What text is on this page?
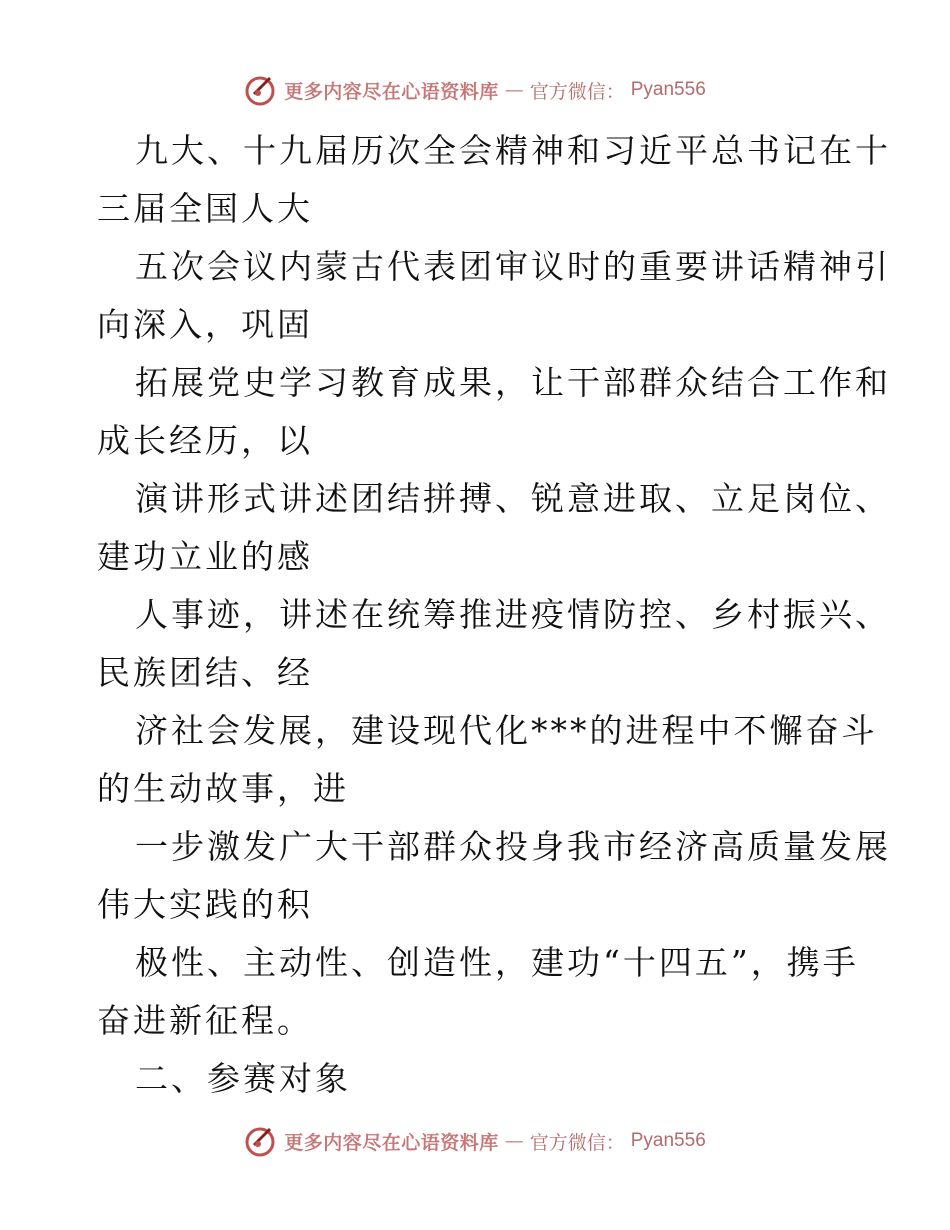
更多内容尽在心语资料库 — 官方微信： Pyan556
九大、十九届历次全会精神和习近平总书记在十
三届全国人大
五次会议内蒙古代表团审议时的重要讲话精神引
向深入，巩固
拓展党史学习教育成果，让干部群众结合工作和
成长经历，以
演讲形式讲述团结拼搏、锐意进取、立足岗位、
建功立业的感
人事迹，讲述在统筹推进疫情防控、乡村振兴、
民族团结、经
济社会发展，建设现代化***的进程中不懈奋斗
的生动故事，进
一步激发广大干部群众投身我市经济高质量发展
伟大实践的积
极性、主动性、创造性，建功“十四五”，携手
奋进新征程。
二、参赛对象
更多内容尽在心语资料库 — 官方微信： Pyan556
